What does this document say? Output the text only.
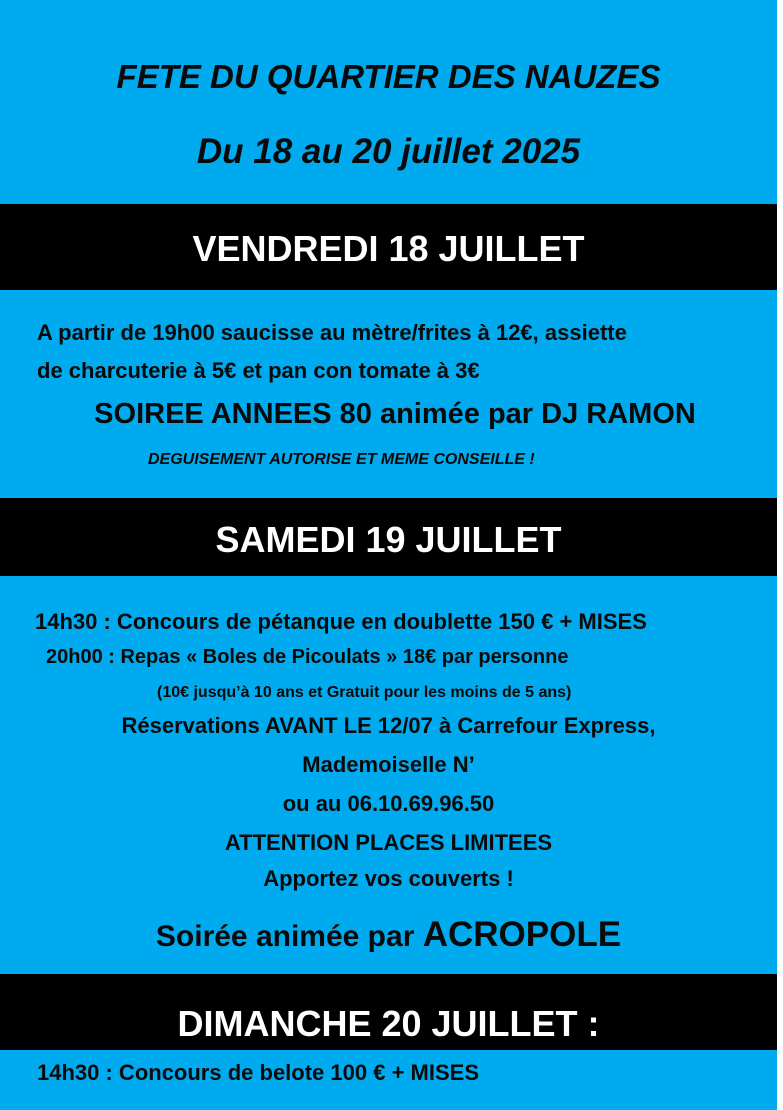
FETE DU QUARTIER DES NAUZES
Du 18 au 20 juillet 2025
VENDREDI 18 JUILLET
A partir de 19h00 saucisse au mètre/frites à 12€, assiette
de charcuterie à 5€ et pan con tomate à 3€
SOIREE ANNEES 80 animée par DJ RAMON
DEGUISEMENT AUTORISE ET MEME CONSEILLE !
SAMEDI 19 JUILLET
14h30 : Concours de pétanque en doublette 150 € + MISES
20h00 : Repas « Boles de Picoulats » 18€ par personne
(10€ jusqu’à 10 ans et Gratuit pour les moins de 5 ans)
Réservations AVANT LE 12/07 à Carrefour Express,
Mademoiselle N’
ou au 06.10.69.96.50
ATTENTION PLACES LIMITEES
Apportez vos couverts !
Soirée animée par ACROPOLE
DIMANCHE 20 JUILLET :
14h30 : Concours de belote 100 € + MISES
